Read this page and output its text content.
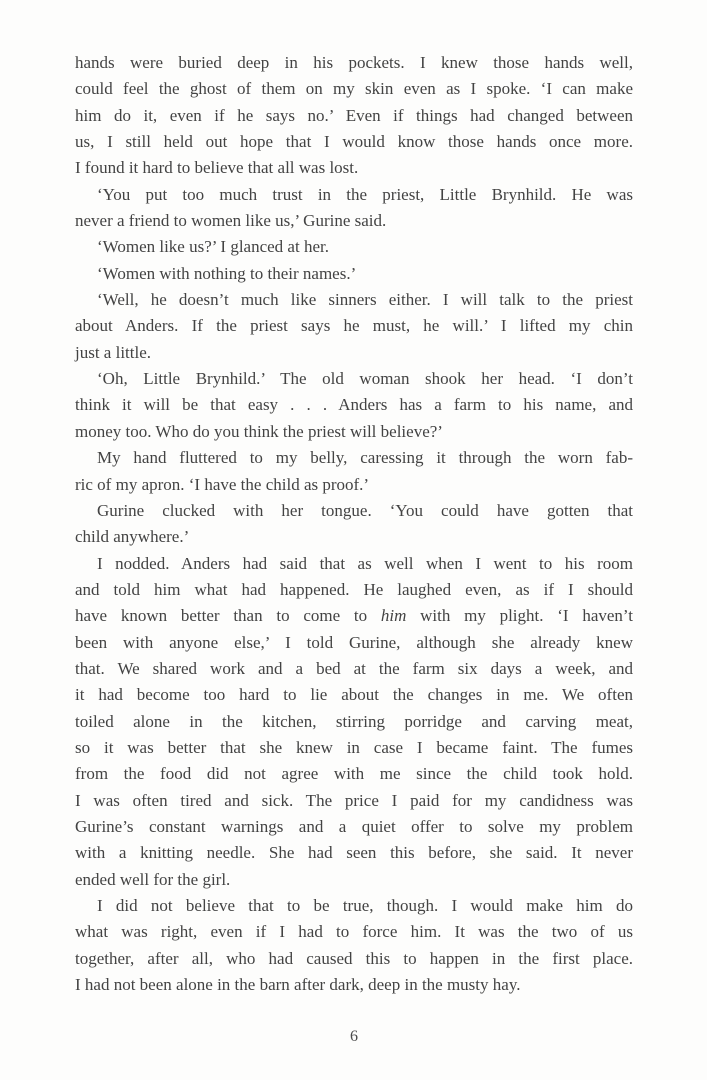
hands were buried deep in his pockets. I knew those hands well,
could feel the ghost of them on my skin even as I spoke. ‘I can make
him do it, even if he says no.’ Even if things had changed between
us, I still held out hope that I would know those hands once more.
I found it hard to believe that all was lost.

‘You put too much trust in the priest, Little Brynhild. He was
never a friend to women like us,’ Gurine said.

‘Women like us?’ I glanced at her.

‘Women with nothing to their names.’

‘Well, he doesn’t much like sinners either. I will talk to the priest
about Anders. If the priest says he must, he will.’ I lifted my chin
just a little.

‘Oh, Little Brynhild.’ The old woman shook her head. ‘I don’t
think it will be that easy . . . Anders has a farm to his name, and
money too. Who do you think the priest will believe?’

My hand fluttered to my belly, caressing it through the worn fab-
ric of my apron. ‘I have the child as proof.’

Gurine clucked with her tongue. ‘You could have gotten that
child anywhere.’

I nodded. Anders had said that as well when I went to his room
and told him what had happened. He laughed even, as if I should
have known better than to come to him with my plight. ‘I haven’t
been with anyone else,’ I told Gurine, although she already knew
that. We shared work and a bed at the farm six days a week, and
it had become too hard to lie about the changes in me. We often
toiled alone in the kitchen, stirring porridge and carving meat,
so it was better that she knew in case I became faint. The fumes
from the food did not agree with me since the child took hold.
I was often tired and sick. The price I paid for my candidness was
Gurine’s constant warnings and a quiet offer to solve my problem
with a knitting needle. She had seen this before, she said. It never
ended well for the girl.

I did not believe that to be true, though. I would make him do
what was right, even if I had to force him. It was the two of us
together, after all, who had caused this to happen in the first place.
I had not been alone in the barn after dark, deep in the musty hay.

6
